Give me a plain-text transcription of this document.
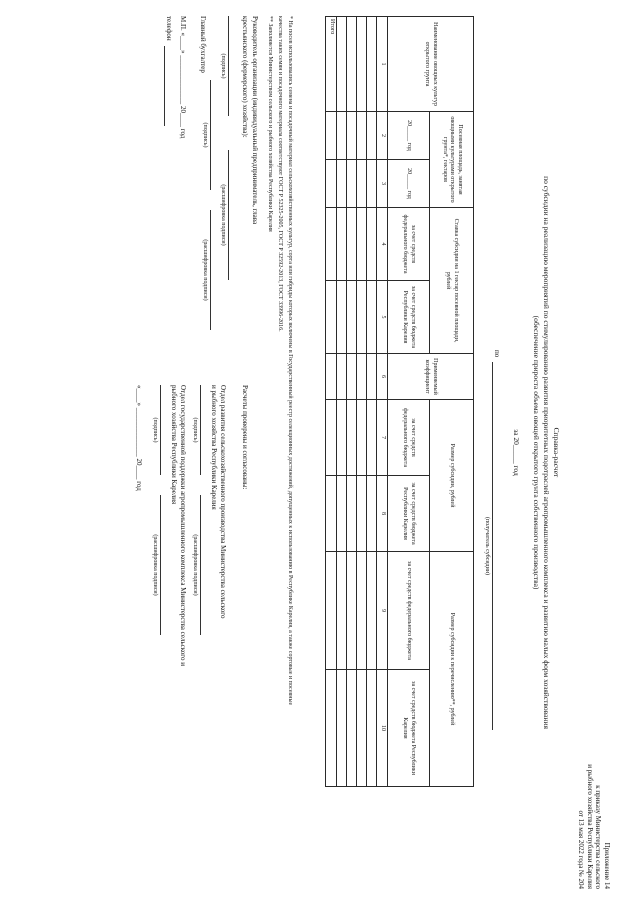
Приложение 14
к приказу Министерства сельского
и рыбного хозяйства Республики Карелия
от 13 мая 2022 года № 204
Справка-расчет
по субсидии на реализацию мероприятий по стимулированию развития приоритетных подотраслей агропромышленного комплекса и развитию малых форм хозяйствования
(обеспечение прироста объема овощей открытого грунта собственного производства)
за 20_____ год
по
(получатель субсидии)
Наименование овощных культур открытого грунта	Посевная площадь, занятая овощными культурами открытого грунта*, гектаров		Ставка субсидии на 1 гектар посевной площади, рублей		Применяемый коэффициент	Размер субсидии, рублей		Размер субсидии к перечислению**, рублей	
	20_____ год	20_____ год	за счет средств федерального бюджета	за счет средств бюджета Республики Карелия		за счет средств федерального бюджета	за счет средств бюджета Республики Карелия	за счет средств федерального бюджета	за счет средств бюджета Республики Карелия
1	2	3	4	5	6	7	8	9	10

Итого									
* На посев использовались семена и посадочный материал сельскохозяйственных культур, сорта или гибриды которых включены в Государственный реестр селекционных достижений, допущенных к использованию в Республике Карелия, а также сортовые и посевные
качества таких семян и посадочного материала соответствуют ГОСТ Р 52325-2005, ГОСТ Р 32592-2013, ГОСТ 33996-2016.
** Заполняется Министерством сельского и рыбного хозяйства Республики Карелия
Руководитель организации (индивидуальный предприниматель, глава
крестьянского (фермерского) хозяйства):
(подпись)
(расшифровка подписи)
Главный бухгалтер
(подпись)
(расшифровка подписи)
М.П. «____» ______________ 20____ год
телефон
Расчеты проверены и согласованы:
Отдел развития сельскохозяйственного производства Министерства сельского
и рыбного хозяйства Республики Карелия
(подпись)
(расшифровка подписи)
Отдел государственной поддержки агропромышленного комплекса Министерства сельского и
рыбного хозяйства Республики Карелия
(подпись)
(расшифровка подписи)
«____» ______________ 20____ год
